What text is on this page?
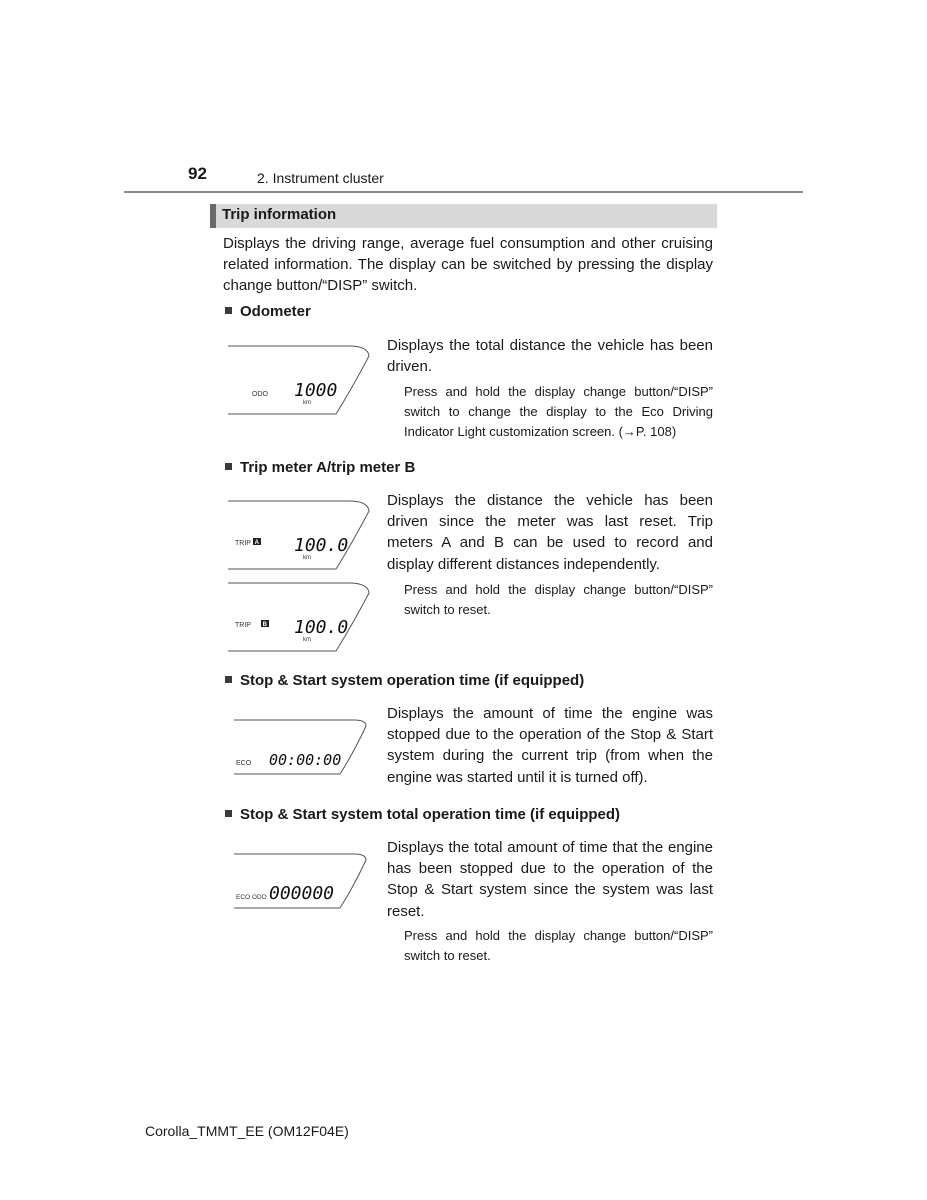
92	2. Instrument cluster
Trip information
Displays the driving range, average fuel consumption and other cruising related information. The display can be switched by pressing the display change button/“DISP” switch.
Odometer
ODO 1000
km
Displays the total distance the vehicle has been driven.
Press and hold the display change button/“DISP” switch to change the display to the Eco Driving Indicator Light customization screen. (→P. 108)
Trip meter A/trip meter B
TRIP A 100.0
km
TRIP B 100.0
km
Displays the distance the vehicle has been driven since the meter was last reset. Trip meters A and B can be used to record and display different distances independently.
Press and hold the display change button/“DISP” switch to reset.
Stop & Start system operation time (if equipped)
ECO 00:00:00
Displays the amount of time the engine was stopped due to the operation of the Stop & Start system during the current trip (from when the engine was started until it is turned off).
Stop & Start system total operation time (if equipped)
ECO ODO 000000
Displays the total amount of time that the engine has been stopped due to the operation of the Stop & Start system since the system was last reset.
Press and hold the display change button/“DISP” switch to reset.
Corolla_TMMT_EE (OM12F04E)
